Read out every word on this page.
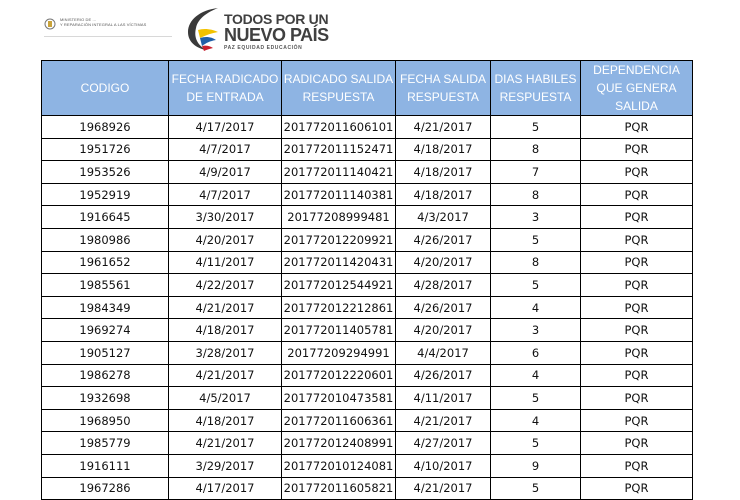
MINISTERIO DE ...
Y REPARACIÓN INTEGRAL A LAS VÍCTIMAS	TODOS POR UN
NUEVO PAÍS
PAZ EQUIDAD EDUCACIÓN
CODIGO	FECHA RADICADO DE ENTRADA	RADICADO SALIDA RESPUESTA	FECHA SALIDA RESPUESTA	DIAS HABILES RESPUESTA	DEPENDENCIA QUE GENERA SALIDA
1968926	4/17/2017	201772011606101	4/21/2017	5	PQR
1951726	4/7/2017	201772011152471	4/18/2017	8	PQR
1953526	4/9/2017	201772011140421	4/18/2017	7	PQR
1952919	4/7/2017	201772011140381	4/18/2017	8	PQR
1916645	3/30/2017	20177208999481	4/3/2017	3	PQR
1980986	4/20/2017	201772012209921	4/26/2017	5	PQR
1961652	4/11/2017	201772011420431	4/20/2017	8	PQR
1985561	4/22/2017	201772012544921	4/28/2017	5	PQR
1984349	4/21/2017	201772012212861	4/26/2017	4	PQR
1969274	4/18/2017	201772011405781	4/20/2017	3	PQR
1905127	3/28/2017	20177209294991	4/4/2017	6	PQR
1986278	4/21/2017	201772012220601	4/26/2017	4	PQR
1932698	4/5/2017	201772010473581	4/11/2017	5	PQR
1968950	4/18/2017	201772011606361	4/21/2017	4	PQR
1985779	4/21/2017	201772012408991	4/27/2017	5	PQR
1916111	3/29/2017	201772010124081	4/10/2017	9	PQR
1967286	4/17/2017	201772011605821	4/21/2017	5	PQR
